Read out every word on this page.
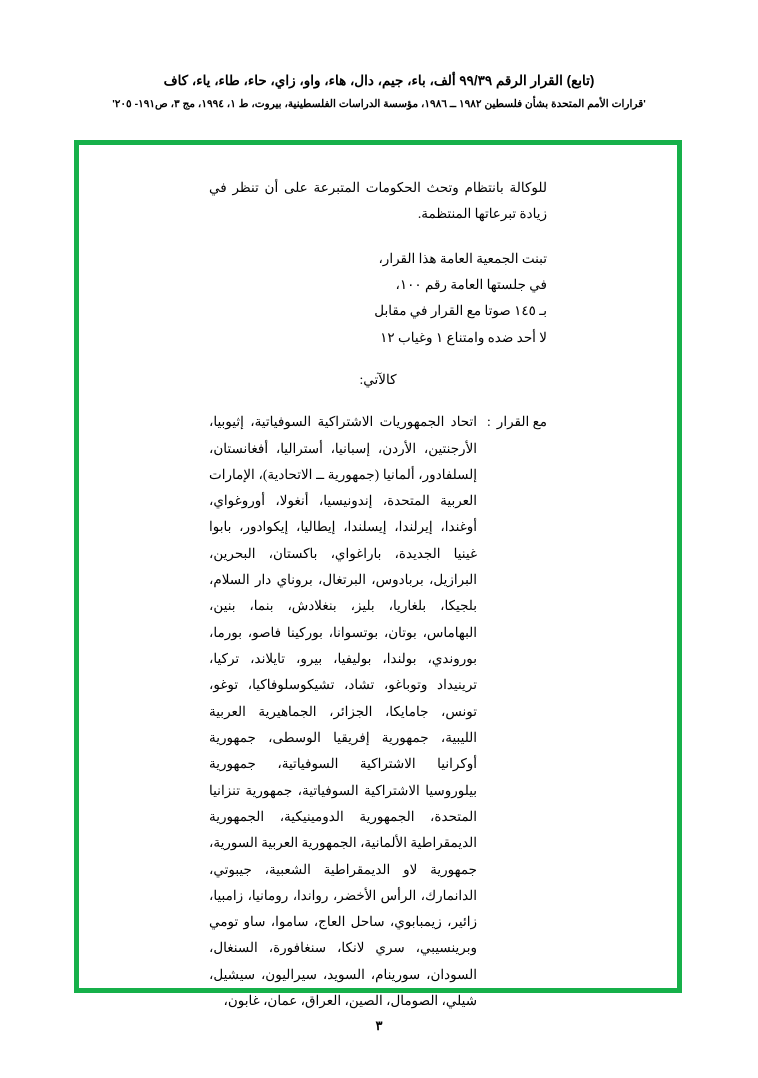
(تابع) القرار الرقم ٩٩/٣٩ ألف، باء، جيم، دال، هاء، واو، زاي، حاء، طاء، ياء، كاف
'قرارات الأمم المتحدة بشأن فلسطين ١٩٨٢ ــ ١٩٨٦، مؤسسة الدراسات الفلسطينية، بيروت، ط ١، ١٩٩٤، مج ٣، ص١٩١- ٢٠٥'

للوكالة بانتظام وتحث الحكومات المتبرعة على أن تنظر في زيادة تبرعاتها المنتظمة.

تبنت الجمعية العامة هذا القرار،
في جلستها العامة رقم ١٠٠،
بـ ١٤٥ صوتا مع القرار في مقابل
لا أحد ضده وامتناع ١ وغياب ١٢
كالآتي:
مع القرار
:
اتحاد الجمهوريات الاشتراكية السوفياتية، إثيوبيا، الأرجنتين، الأردن، إسبانيا، أستراليا، أفغانستان، إلسلفادور، ألمانيا (جمهورية ــ الاتحادية)، الإمارات العربية المتحدة، إندونيسيا، أنغولا، أوروغواي، أوغندا، إيرلندا، إيسلندا، إيطاليا، إيكوادور، بابوا غينيا الجديدة، باراغواي، باكستان، البحرين، البرازيل، بربادوس، البرتغال، بروناي دار السلام، بلجيكا، بلغاريا، بليز، بنغلادش، بنما، بنين، البهاماس، بوتان، بوتسوانا، بوركينا فاصو، بورما، بوروندي، بولندا، بوليفيا، بيرو، تايلاند، تركيا، ترينيداد وتوباغو، تشاد، تشيكوسلوفاكيا، توغو، تونس، جامايكا، الجزائر، الجماهيرية العربية الليبية، جمهورية إفريقيا الوسطى، جمهورية أوكرانيا الاشتراكية السوفياتية، جمهورية بيلوروسيا الاشتراكية السوفياتية، جمهورية تنزانيا المتحدة، الجمهورية الدومينيكية، الجمهورية الديمقراطية الألمانية، الجمهورية العربية السورية، جمهورية لاو الديمقراطية الشعبية، جيبوتي، الدانمارك، الرأس الأخضر، رواندا، رومانيا، زامبيا، زائير، زيمبابوي، ساحل العاج، ساموا، ساو تومي وبرينسيبي، سري لانكا، سنغافورة، السنغال، السودان، سورينام، السويد، سيراليون، سيشيل، شيلي، الصومال، الصين، العراق، عمان، غابون،
٣
